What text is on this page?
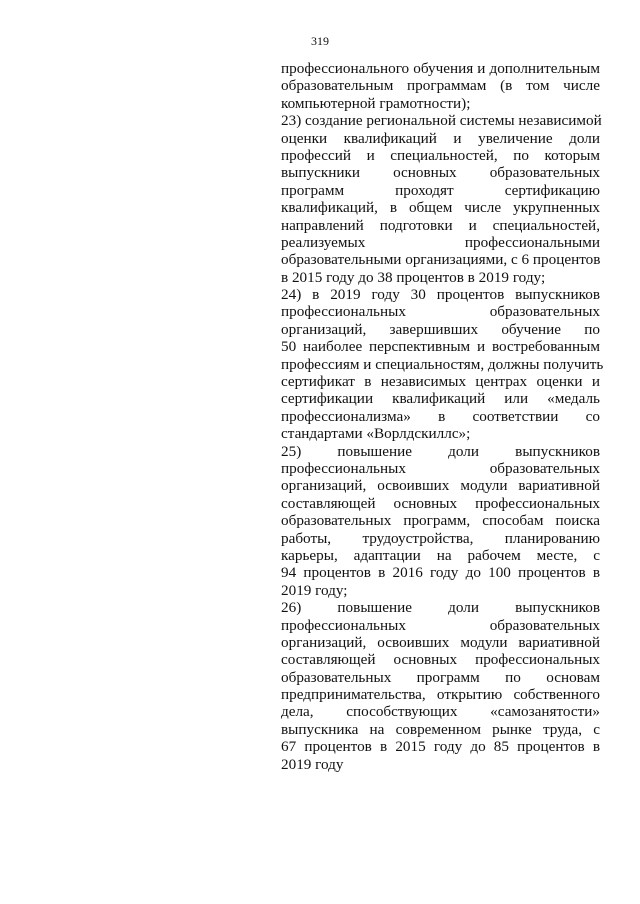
319
профессионального обучения и дополнительным
образовательным программам (в том числе
компьютерной грамотности);
23) создание региональной системы независимой
оценки квалификаций и увеличение доли
профессий и специальностей, по которым
выпускники основных образовательных
программ проходят сертификацию
квалификаций, в общем числе укрупненных
направлений подготовки и специальностей,
реализуемых профессиональными
образовательными организациями, с 6 процентов
в 2015 году до 38 процентов в 2019 году;
24) в 2019 году 30 процентов выпускников
профессиональных образовательных
организаций, завершивших обучение по
50 наиболее перспективным и востребованным
профессиям и специальностям, должны получить
сертификат в независимых центрах оценки и
сертификации квалификаций или «медаль
профессионализма» в соответствии со
стандартами «Ворлдскиллс»;
25) повышение доли выпускников
профессиональных образовательных
организаций, освоивших модули вариативной
составляющей основных профессиональных
образовательных программ, способам поиска
работы, трудоустройства, планированию
карьеры, адаптации на рабочем месте, с
94 процентов в 2016 году до 100 процентов в
2019 году;
26) повышение доли выпускников
профессиональных образовательных
организаций, освоивших модули вариативной
составляющей основных профессиональных
образовательных программ по основам
предпринимательства, открытию собственного
дела, способствующих «самозанятости»
выпускника на современном рынке труда, с
67 процентов в 2015 году до 85 процентов в
2019 году
